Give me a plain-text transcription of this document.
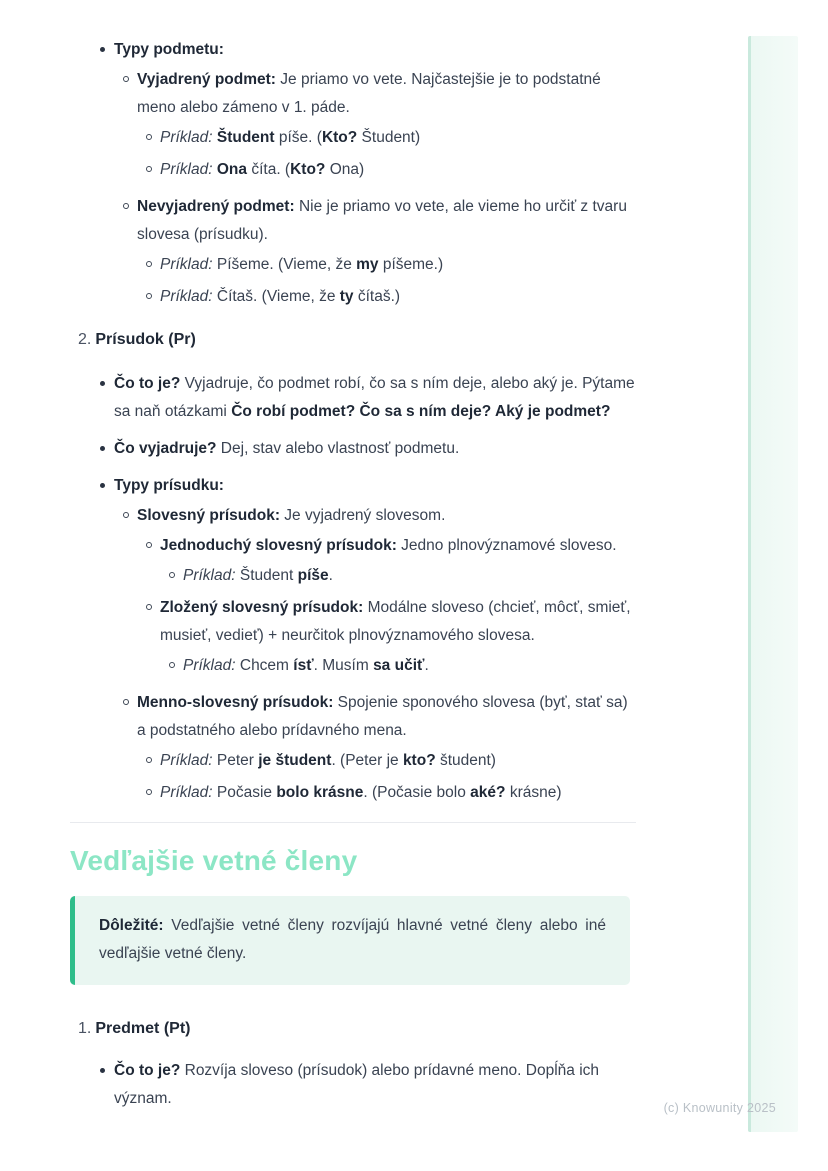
Typy podmetu:
Vyjadrený podmet: Je priamo vo vete. Najčastejšie je to podstatné meno alebo zámeno v 1. páde.
Príklad: Študent píše. (Kto? Študent)
Príklad: Ona číta. (Kto? Ona)
Nevyjadrený podmet: Nie je priamo vo vete, ale vieme ho určiť z tvaru slovesa (prísudku).
Príklad: Píšeme. (Vieme, že my píšeme.)
Príklad: Čítaš. (Vieme, že ty čítaš.)
2. Prísudok (Pr)
Čo to je? Vyjadruje, čo podmet robí, čo sa s ním deje, alebo aký je. Pýtame sa naň otázkami Čo robí podmet? Čo sa s ním deje? Aký je podmet?
Čo vyjadruje? Dej, stav alebo vlastnosť podmetu.
Typy prísudku:
Slovesný prísudok: Je vyjadrený slovesom.
Jednoduchý slovesný prísudok: Jedno plnovýznamové sloveso.
Príklad: Študent píše.
Zložený slovesný prísudok: Modálne sloveso (chcieť, môcť, smieť, musieť, vedieť) + neurčitok plnovýznamového slovesa.
Príklad: Chcem ísť. Musím sa učiť.
Menno-slovesný prísudok: Spojenie sponového slovesa (byť, stať sa) a podstatného alebo prídavného mena.
Príklad: Peter je študent. (Peter je kto? študent)
Príklad: Počasie bolo krásne. (Počasie bolo aké? krásne)
Vedľajšie vetné členy

Dôležité: Vedľajšie vetné členy rozvíjajú hlavné vetné členy alebo iné vedľajšie vetné členy.

1. Predmet (Pt)
Čo to je? Rozvíja sloveso (prísudok) alebo prídavné meno. Dopĺňa ich význam.
(c) Knowunity 2025
